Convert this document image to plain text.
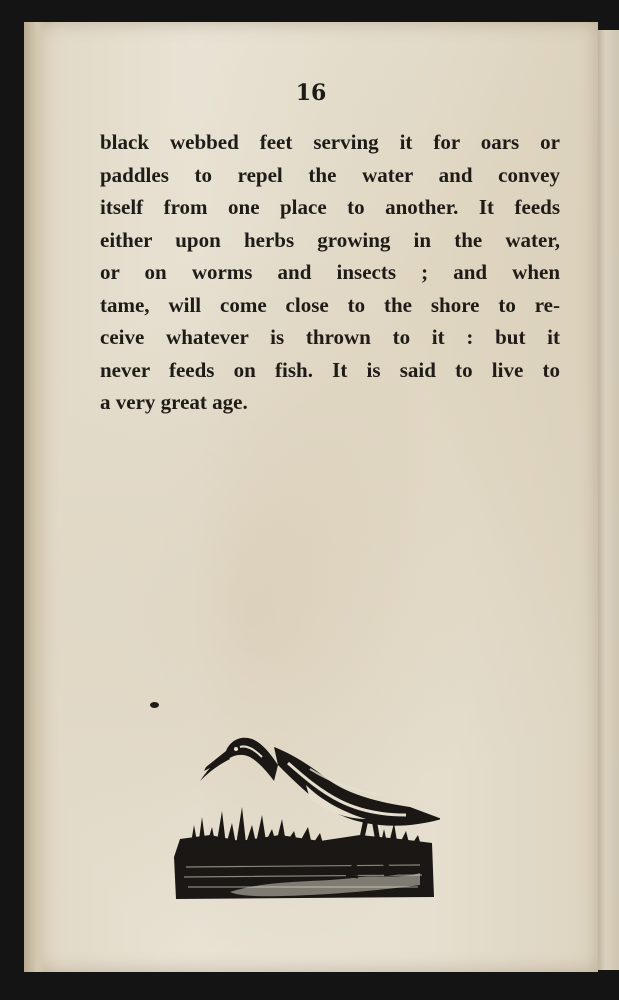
16

black webbed feet serving it for oars or
paddles to repel the water and convey
itself from one place to another. It feeds
either upon herbs growing in the water,
or on worms and insects ; and when
tame, will come close to the shore to re-
ceive whatever is thrown to it : but it
never feeds on fish. It is said to live to
a very great age.
